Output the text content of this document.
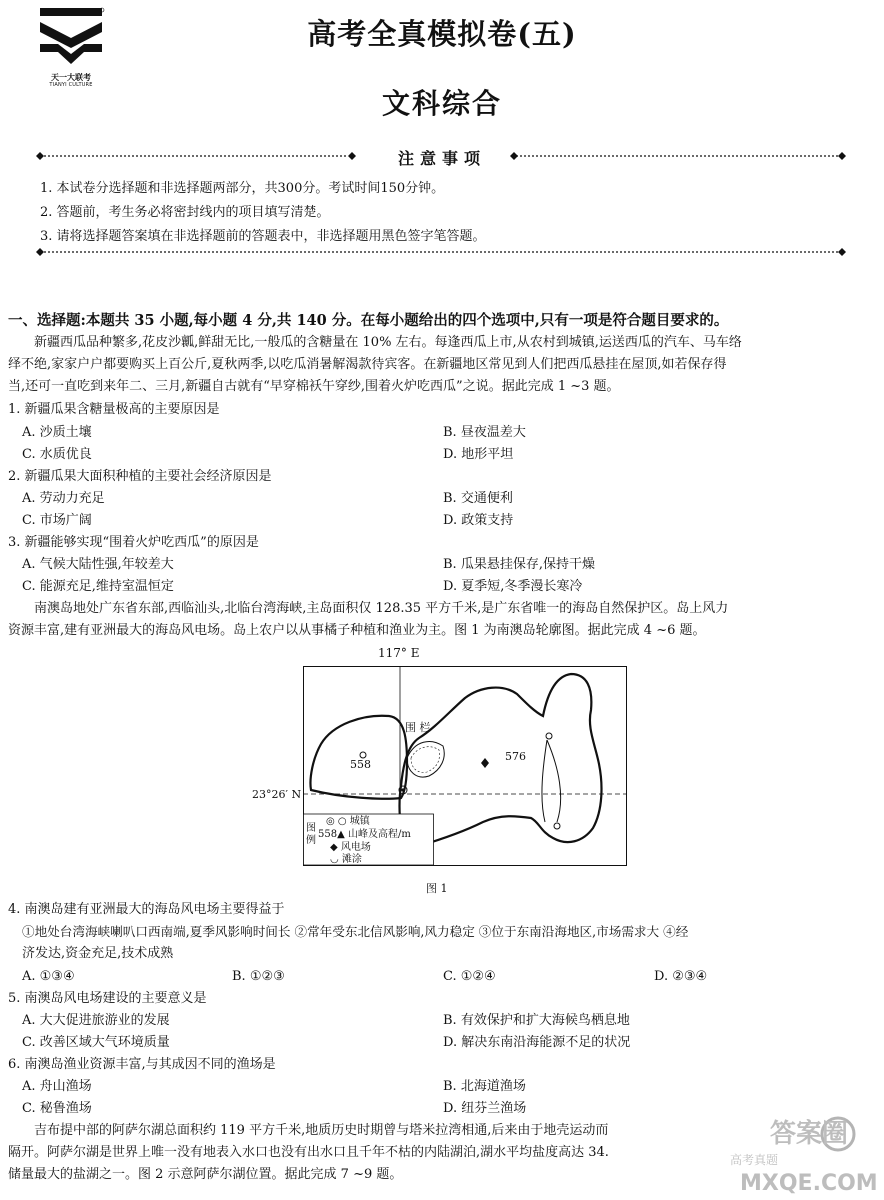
天一大联考
TIANYI CULTURE
高考全真模拟卷(五)
文科综合
注意事项
1. 本试卷分选择题和非选择题两部分，共300分。考试时间150分钟。
2. 答题前，考生务必将密封线内的项目填写清楚。
3. 请将选择题答案填在非选择题前的答题表中，非选择题用黑色签字笔答题。
一、选择题:本题共 35 小题,每小题 4 分,共 140 分。在每小题给出的四个选项中,只有一项是符合题目要求的。
新疆西瓜品种繁多,花皮沙瓤,鲜甜无比,一般瓜的含糖量在 10% 左右。每逢西瓜上市,从农村到城镇,运送西瓜的汽车、马车络
绎不绝,家家户户都要购买上百公斤,夏秋两季,以吃瓜消暑解渴款待宾客。在新疆地区常见到人们把西瓜悬挂在屋顶,如若保存得
当,还可一直吃到来年二、三月,新疆自古就有“早穿棉袄午穿纱,围着火炉吃西瓜”之说。据此完成 1 ~3 题。
1. 新疆瓜果含糖量极高的主要原因是
A. 沙质土壤	B. 昼夜温差大
C. 水质优良	D. 地形平坦
2. 新疆瓜果大面积种植的主要社会经济原因是
A. 劳动力充足	B. 交通便利
C. 市场广阔	D. 政策支持
3. 新疆能够实现“围着火炉吃西瓜”的原因是
A. 气候大陆性强,年较差大	B. 瓜果悬挂保存,保持干燥
C. 能源充足,维持室温恒定	D. 夏季短,冬季漫长寒冷
南澳岛地处广东省东部,西临汕头,北临台湾海峡,主岛面积仅 128.35 平方千米,是广东省唯一的海岛自然保护区。岛上风力
资源丰富,建有亚洲最大的海岛风电场。岛上农户以从事橘子种植和渔业为主。图 1 为南澳岛轮廓图。据此完成 4 ~6 题。
117° E
558
576
围 栏
23°26′ N
图例
◎ ○ 城镇
558▲ 山峰及高程/m
◆ 风电场
◡ 滩涂
图 1
4. 南澳岛建有亚洲最大的海岛风电场主要得益于
①地处台湾海峡喇叭口西南端,夏季风影响时间长 ②常年受东北信风影响,风力稳定 ③位于东南沿海地区,市场需求大 ④经
济发达,资金充足,技术成熟
A. ①③④	B. ①②③	C. ①②④	D. ②③④
5. 南澳岛风电场建设的主要意义是
A. 大大促进旅游业的发展	B. 有效保护和扩大海候鸟栖息地
C. 改善区域大气环境质量	D. 解决东南沿海能源不足的状况
6. 南澳岛渔业资源丰富,与其成因不同的渔场是
A. 舟山渔场	B. 北海道渔场
C. 秘鲁渔场	D. 纽芬兰渔场
吉布提中部的阿萨尔湖总面积约 119 平方千米,地质历史时期曾与塔米拉湾相通,后来由于地壳运动而
隔开。阿萨尔湖是世界上唯一没有地表入水口也没有出水口且千年不枯的内陆湖泊,湖水平均盐度高达 34.
储量最大的盐湖之一。图 2 示意阿萨尔湖位置。据此完成 7 ~9 题。
答案圈
高考真题
MXQE.COM
